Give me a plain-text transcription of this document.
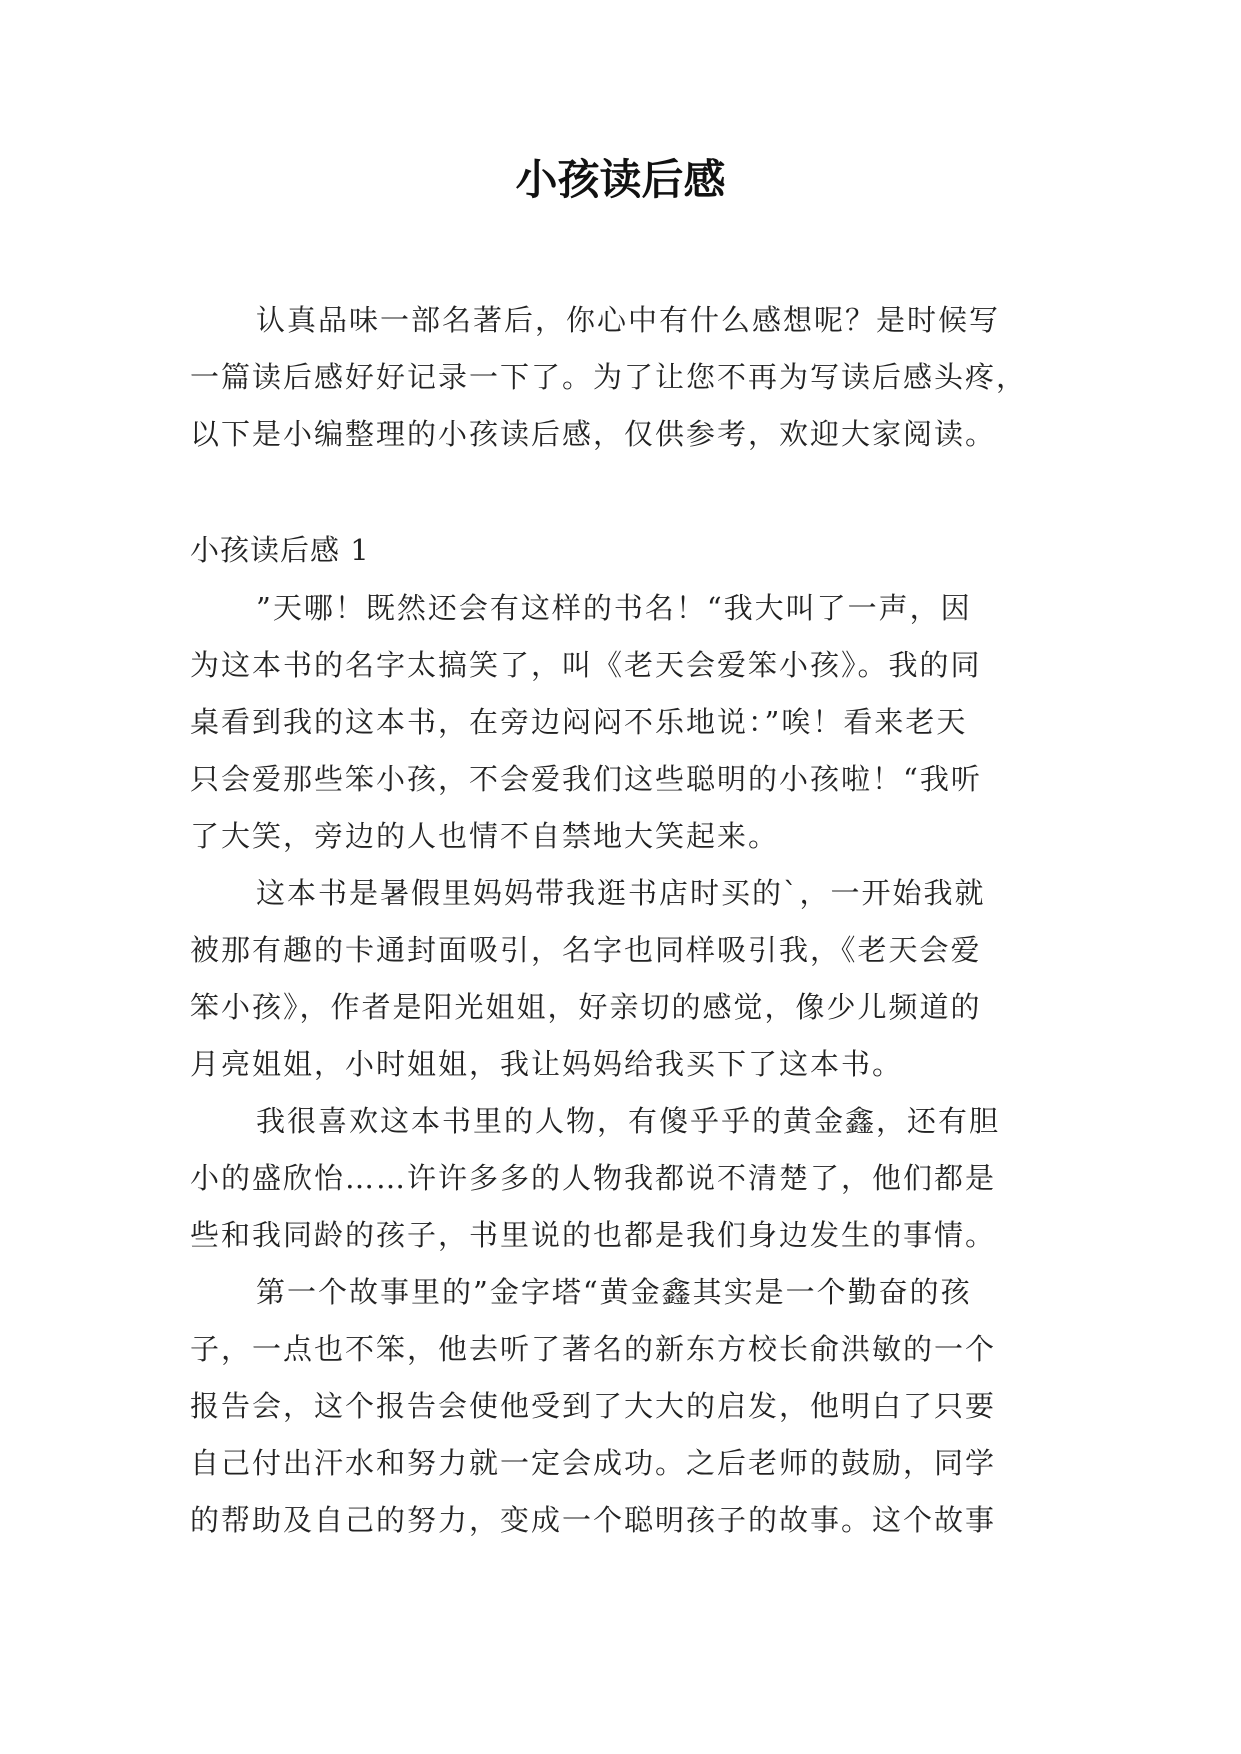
小孩读后感
认真品味一部名著后，你心中有什么感想呢？是时候写
一篇读后感好好记录一下了。为了让您不再为写读后感头疼，
以下是小编整理的小孩读后感，仅供参考，欢迎大家阅读。
小孩读后感 1
”天哪！既然还会有这样的书名！“我大叫了一声，因
为这本书的名字太搞笑了，叫《老天会爱笨小孩》。我的同
桌看到我的这本书，在旁边闷闷不乐地说：”唉！看来老天
只会爱那些笨小孩，不会爱我们这些聪明的小孩啦！“我听
了大笑，旁边的人也情不自禁地大笑起来。
这本书是暑假里妈妈带我逛书店时买的`，一开始我就
被那有趣的卡通封面吸引，名字也同样吸引我，《老天会爱
笨小孩》，作者是阳光姐姐，好亲切的感觉，像少儿频道的
月亮姐姐，小时姐姐，我让妈妈给我买下了这本书。
我很喜欢这本书里的人物，有傻乎乎的黄金鑫，还有胆
小的盛欣怡……许许多多的人物我都说不清楚了，他们都是
些和我同龄的孩子，书里说的也都是我们身边发生的事情。
第一个故事里的”金字塔“黄金鑫其实是一个勤奋的孩
子，一点也不笨，他去听了著名的新东方校长俞洪敏的一个
报告会，这个报告会使他受到了大大的启发，他明白了只要
自己付出汗水和努力就一定会成功。之后老师的鼓励，同学
的帮助及自己的努力，变成一个聪明孩子的故事。这个故事
